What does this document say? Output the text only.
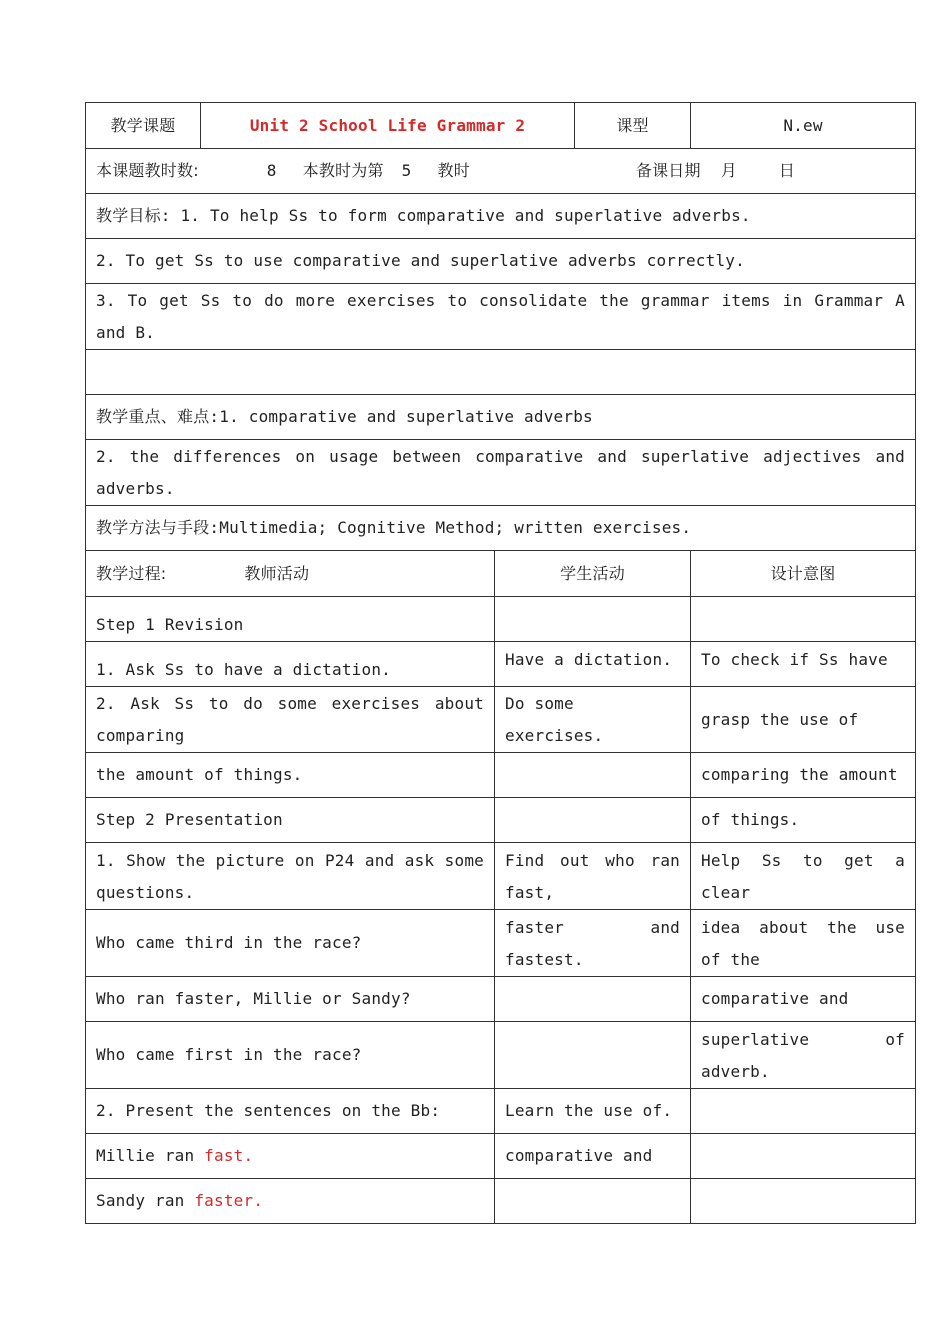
教学课题	Unit 2 School Life Grammar 2		课型	N.ew
本课题教时数: 8 本教时为第 5 教时 备课日期 月 日				
教学目标: 1. To help Ss to form comparative and superlative adverbs.				
2. To get Ss to use comparative and superlative adverbs correctly.				
3. To get Ss to do more exercises to consolidate the grammar items in Grammar A and B.				

教学重点、难点:1. comparative and superlative adverbs				
2. the differences on usage between comparative and superlative adjectives and adverbs.				
教学方法与手段:Multimedia; Cognitive Method; written exercises.				
教学过程: 教师活动		学生活动		设计意图
Step 1 Revision				
1. Ask Ss to have a dictation.		Have a dictation.		To check if Ss have
2. Ask Ss to do some exercises about comparing		Do some exercises.		grasp the use of
the amount of things.				comparing the amount
Step 2 Presentation				of things.
1. Show the picture on P24 and ask some questions.		Find out who ran fast,		Help Ss to get a clear
Who came third in the race?		faster and fastest.		idea about the use of the
Who ran faster, Millie or Sandy?				comparative and
Who came first in the race?				superlative of adverb.
2. Present the sentences on the Bb:		Learn the use of.		
Millie ran fast.		comparative and		
Sandy ran faster.				
